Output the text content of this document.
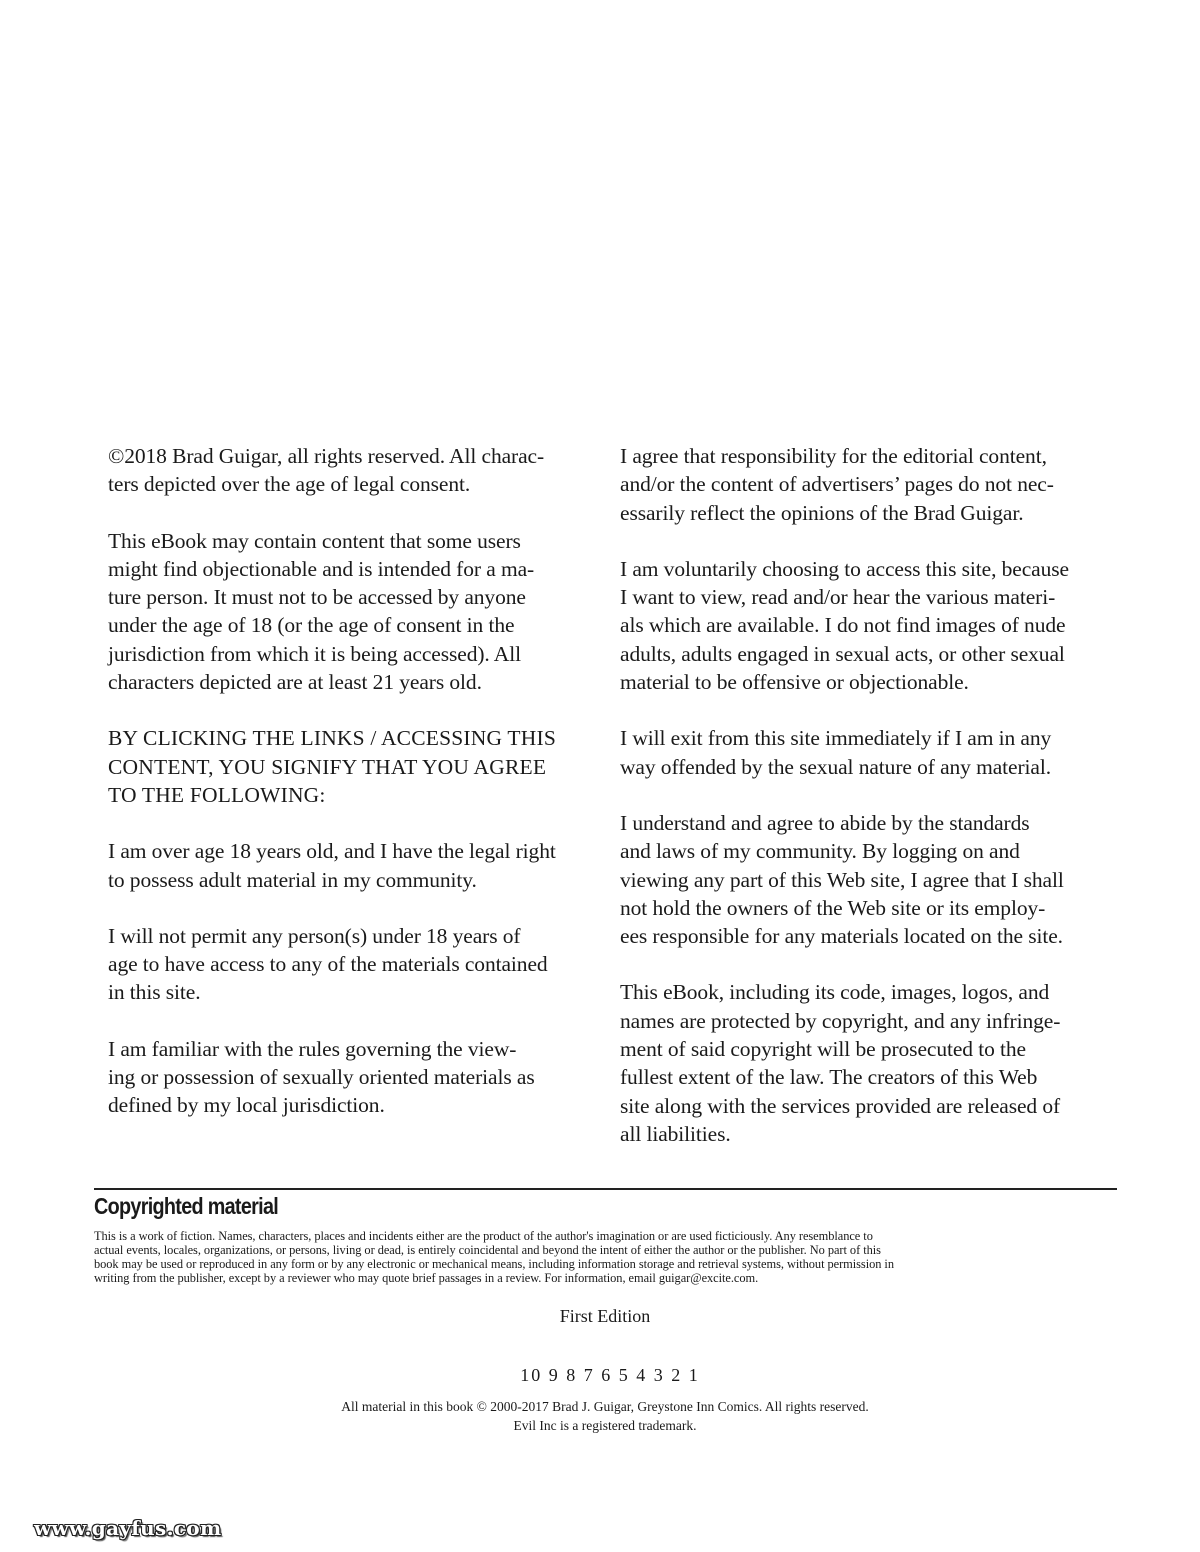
©2018 Brad Guigar, all rights reserved. All charac-
ters depicted over the age of legal consent.

This eBook may contain content that some users
might find objectionable and is intended for a ma-
ture person. It must not to be accessed by anyone
under the age of 18 (or the age of consent in the
jurisdiction from which it is being accessed). All
characters depicted are at least 21 years old.

BY CLICKING THE LINKS / ACCESSING THIS
CONTENT, YOU SIGNIFY THAT YOU AGREE
TO THE FOLLOWING:

I am over age 18 years old, and I have the legal right
to possess adult material in my community.

I will not permit any person(s) under 18 years of
age to have access to any of the materials contained
in this site.

I am familiar with the rules governing the view-
ing or possession of sexually oriented materials as
defined by my local jurisdiction.

I agree that responsibility for the editorial content,
and/or the content of advertisers’ pages do not nec-
essarily reflect the opinions of the Brad Guigar.

I am voluntarily choosing to access this site, because
I want to view, read and/or hear the various materi-
als which are available. I do not find images of nude
adults, adults engaged in sexual acts, or other sexual
material to be offensive or objectionable.

I will exit from this site immediately if I am in any
way offended by the sexual nature of any material.

I understand and agree to abide by the standards
and laws of my community. By logging on and
viewing any part of this Web site, I agree that I shall
not hold the owners of the Web site or its employ-
ees responsible for any materials located on the site.

This eBook, including its code, images, logos, and
names are protected by copyright, and any infringe-
ment of said copyright will be prosecuted to the
fullest extent of the law. The creators of this Web
site along with the services provided are released of
all liabilities.

Copyrighted material

This is a work of fiction. Names, characters, places and incidents either are the product of the author's imagination or are used ficticiously. Any resemblance to
actual events, locales, organizations, or persons, living or dead, is entirely coincidental and beyond the intent of either the author or the publisher. No part of this
book may be used or reproduced in any form or by any electronic or mechanical means, including information storage and retrieval systems, without permission in
writing from the publisher, except by a reviewer who may quote brief passages in a review. For information, email guigar@excite.com.

First Edition

10 9 8 7 6 5 4 3 2 1

All material in this book © 2000-2017 Brad J. Guigar, Greystone Inn Comics. All rights reserved.
Evil Inc is a registered trademark.

www.gayfus.com
